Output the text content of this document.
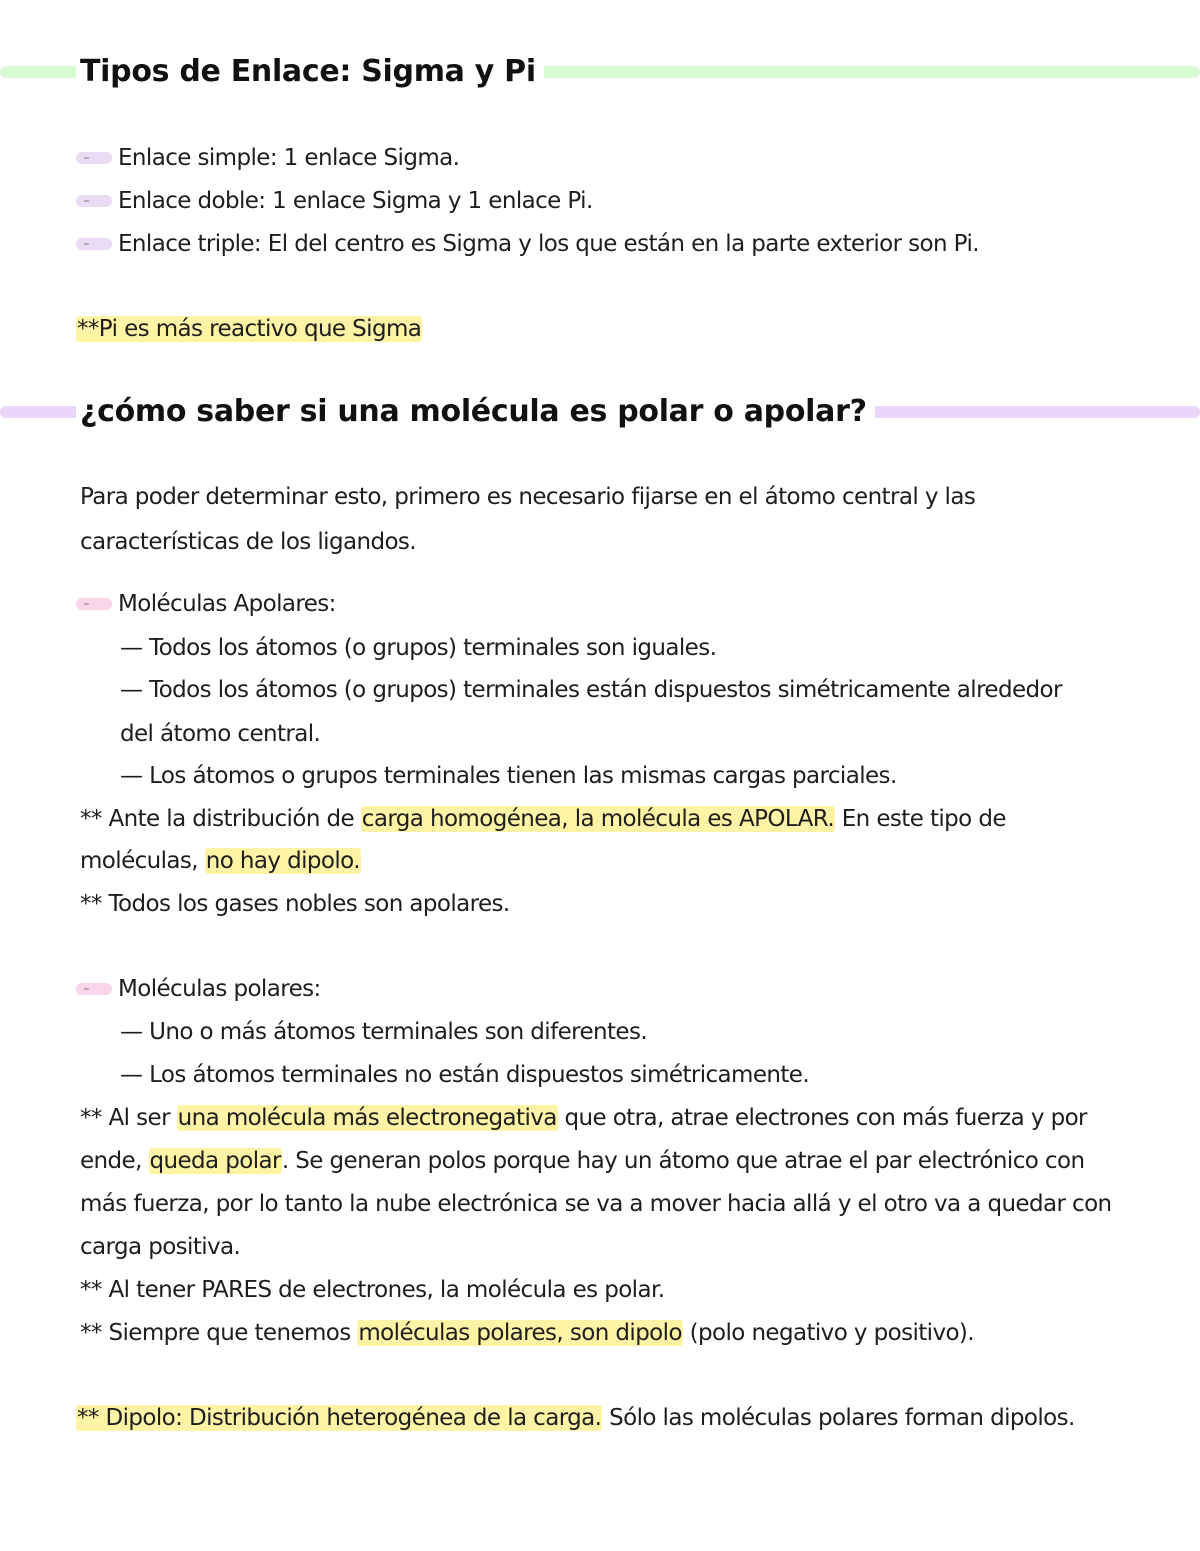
Tipos de Enlace: Sigma y Pi
Enlace simple: 1 enlace Sigma.
Enlace doble: 1 enlace Sigma y 1 enlace Pi.
Enlace triple: El del centro es Sigma y los que están en la parte exterior son Pi.
**Pi es más reactivo que Sigma
¿cómo saber si una molécula es polar o apolar?
Para poder determinar esto, primero es necesario fijarse en el átomo central y las
características de los ligandos.
Moléculas Apolares:
— Todos los átomos (o grupos) terminales son iguales.
— Todos los átomos (o grupos) terminales están dispuestos simétricamente alrededor
del átomo central.
— Los átomos o grupos terminales tienen las mismas cargas parciales.
** Ante la distribución de carga homogénea, la molécula es APOLAR. En este tipo de
moléculas, no hay dipolo.
** Todos los gases nobles son apolares.
Moléculas polares:
— Uno o más átomos terminales son diferentes.
— Los átomos terminales no están dispuestos simétricamente.
** Al ser una molécula más electronegativa que otra, atrae electrones con más fuerza y por
ende, queda polar. Se generan polos porque hay un átomo que atrae el par electrónico con
más fuerza, por lo tanto la nube electrónica se va a mover hacia allá y el otro va a quedar con
carga positiva.
** Al tener PARES de electrones, la molécula es polar.
** Siempre que tenemos moléculas polares, son dipolo (polo negativo y positivo).
** Dipolo: Distribución heterogénea de la carga. Sólo las moléculas polares forman dipolos.
